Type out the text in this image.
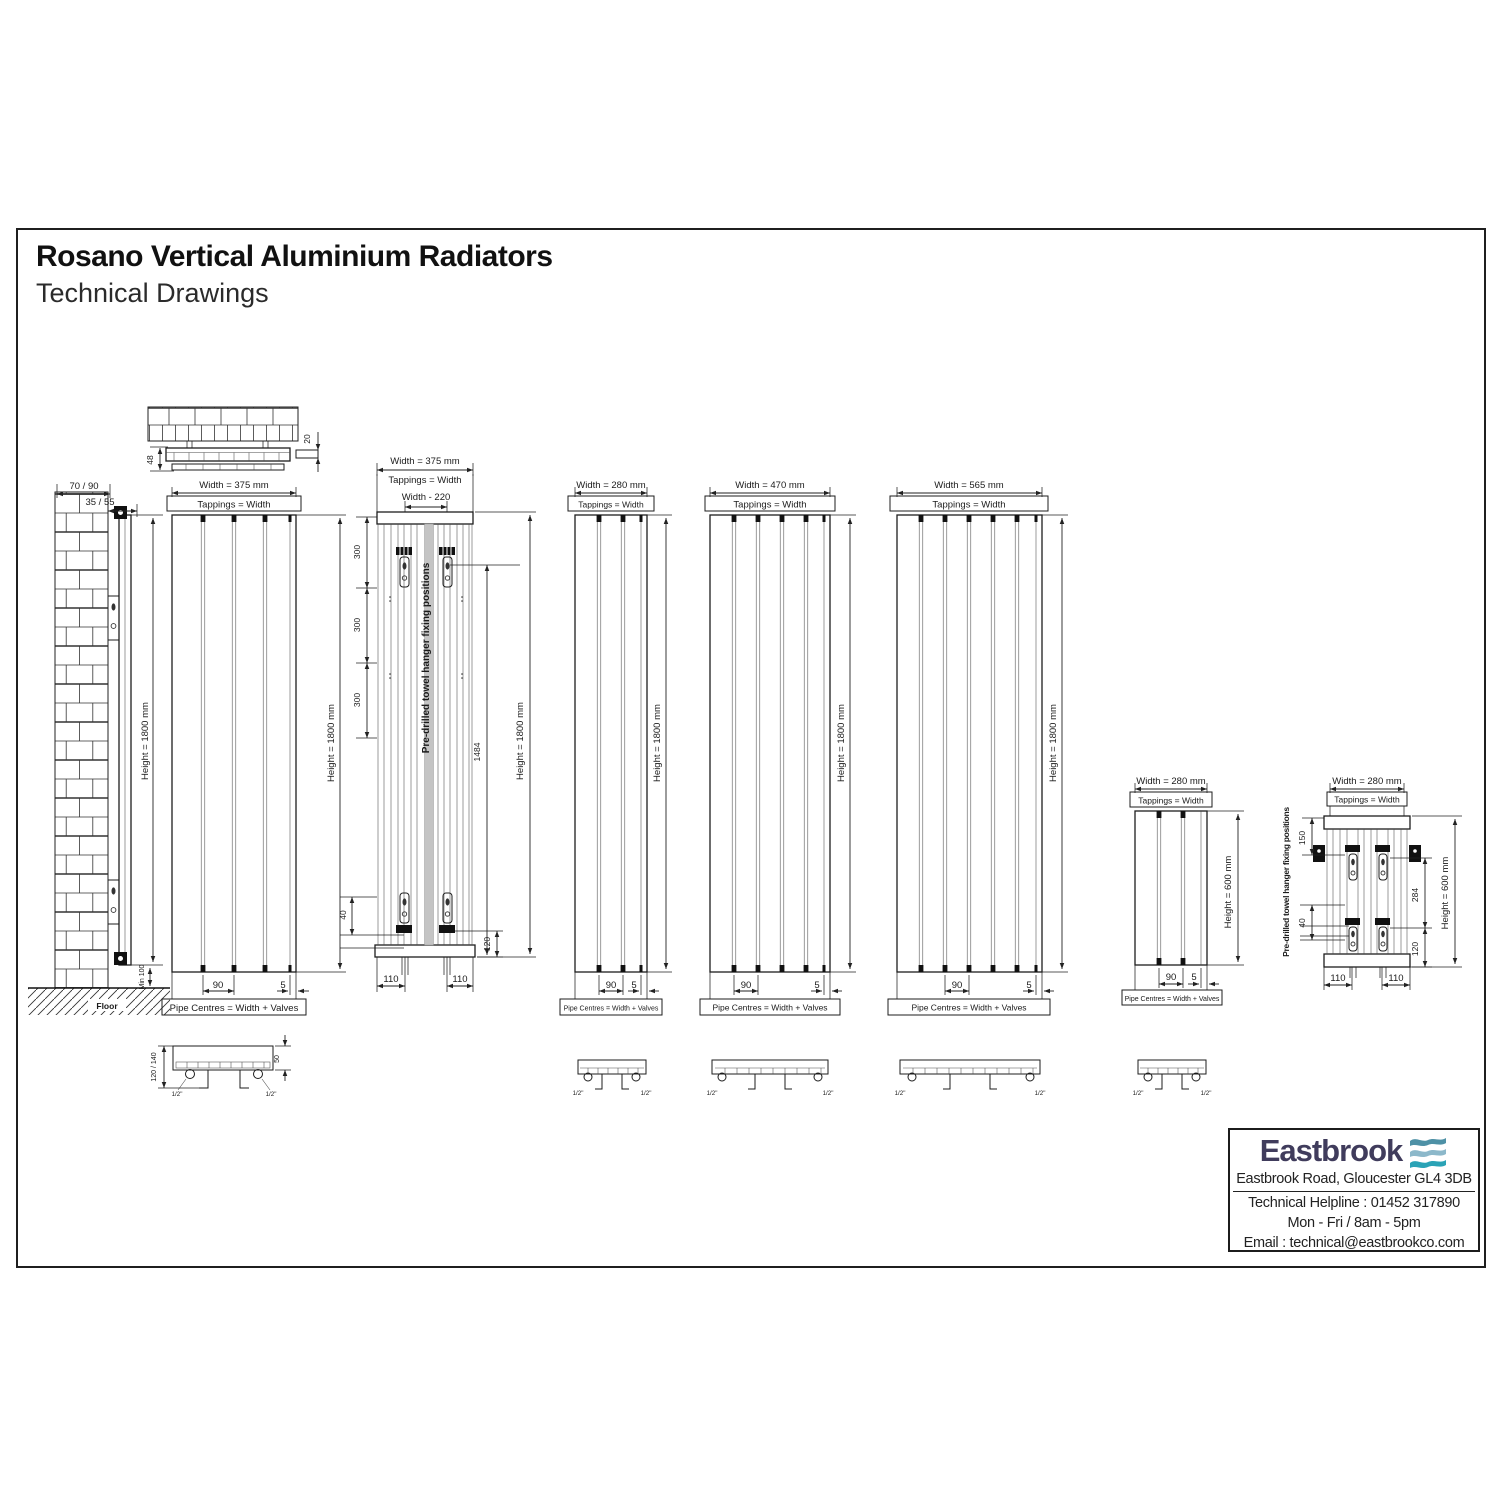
Rosano Vertical Aluminium Radiators
Technical Drawings
Floor
70 / 90
35 / 55
Height = 1800 mm
Min 100
48
20
Width = 375 mm
Tappings = Width
Height = 1800 mm
90	5
Pipe Centres = Width + Valves
1/2"	1/2"
120 / 140	50
Width = 375 mm
Tappings = Width
Width - 220
Pre-drilled towel hanger fixing positions
300
300
300
40
1484
120
Height = 1800 mm
110	110
Width = 280 mm
Tappings = Width
Height = 1800 mm
90 5
Pipe Centres = Width + Valves
1/2"	1/2"
Width = 470 mm
Tappings = Width
Height = 1800 mm
90	5
Pipe Centres = Width + Valves
1/2"	1/2"
Width = 565 mm
Tappings = Width
Height = 1800 mm
90	5
Pipe Centres = Width + Valves
1/2"	1/2"
Width = 280 mm
Tappings = Width
Height = 600 mm
90 5
Pipe Centres = Width + Valves
1/2"	1/2"
Pre-drilled towel hanger fixing positions
Width = 280 mm
Tappings = Width
150
40
284
120
Height = 600 mm
110	110
Eastbrook
Eastbrook Road, Gloucester GL4 3DB
Technical Helpline : 01452 317890
Mon - Fri / 8am - 5pm
Email : technical@eastbrookco.com
